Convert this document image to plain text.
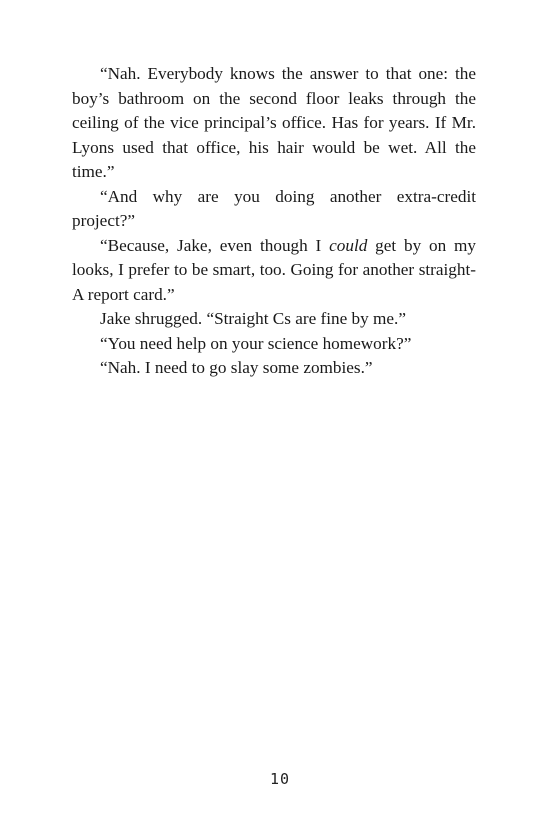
“Nah. Everybody knows the answer to that one: the boy’s bathroom on the second floor leaks through the ceiling of the vice principal’s office. Has for years. If Mr. Lyons used that office, his hair would be wet. All the time.”

“And why are you doing another extra-credit project?”

“Because, Jake, even though I could get by on my looks, I prefer to be smart, too. Going for another straight-A report card.”

Jake shrugged. “Straight Cs are fine by me.”

“You need help on your science homework?”

“Nah. I need to go slay some zombies.”

10
